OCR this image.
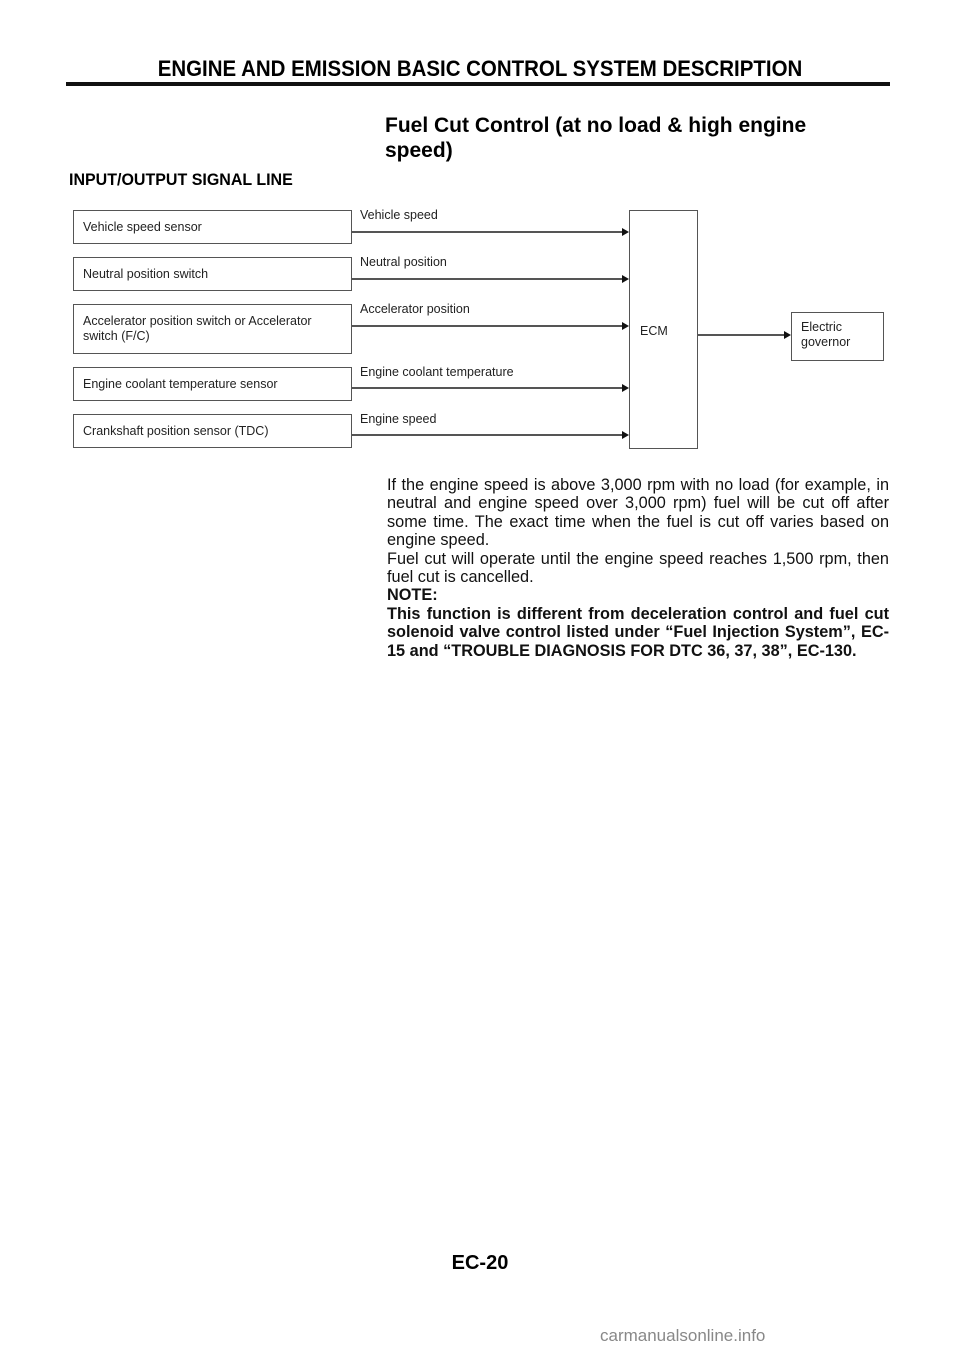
ENGINE AND EMISSION BASIC CONTROL SYSTEM DESCRIPTION
Fuel Cut Control (at no load & high engine speed)
INPUT/OUTPUT SIGNAL LINE
Vehicle speed sensor
Vehicle speed
Neutral position switch
Neutral position
Accelerator position switch or Accelerator switch (F/C)
Accelerator position
Engine coolant temperature sensor
Engine coolant temperature
Crankshaft position sensor (TDC)
Engine speed
ECM	Electric governor

If the engine speed is above 3,000 rpm with no load (for example, in neutral and engine speed over 3,000 rpm) fuel will be cut off after some time. The exact time when the fuel is cut off varies based on engine speed.

Fuel cut will operate until the engine speed reaches 1,500 rpm, then fuel cut is cancelled.

NOTE:

This function is different from deceleration control and fuel cut solenoid valve control listed under “Fuel Injection System”, EC-15 and “TROUBLE DIAGNOSIS FOR DTC 36, 37, 38”, EC-130.

EC-20
carmanualsonline.info
